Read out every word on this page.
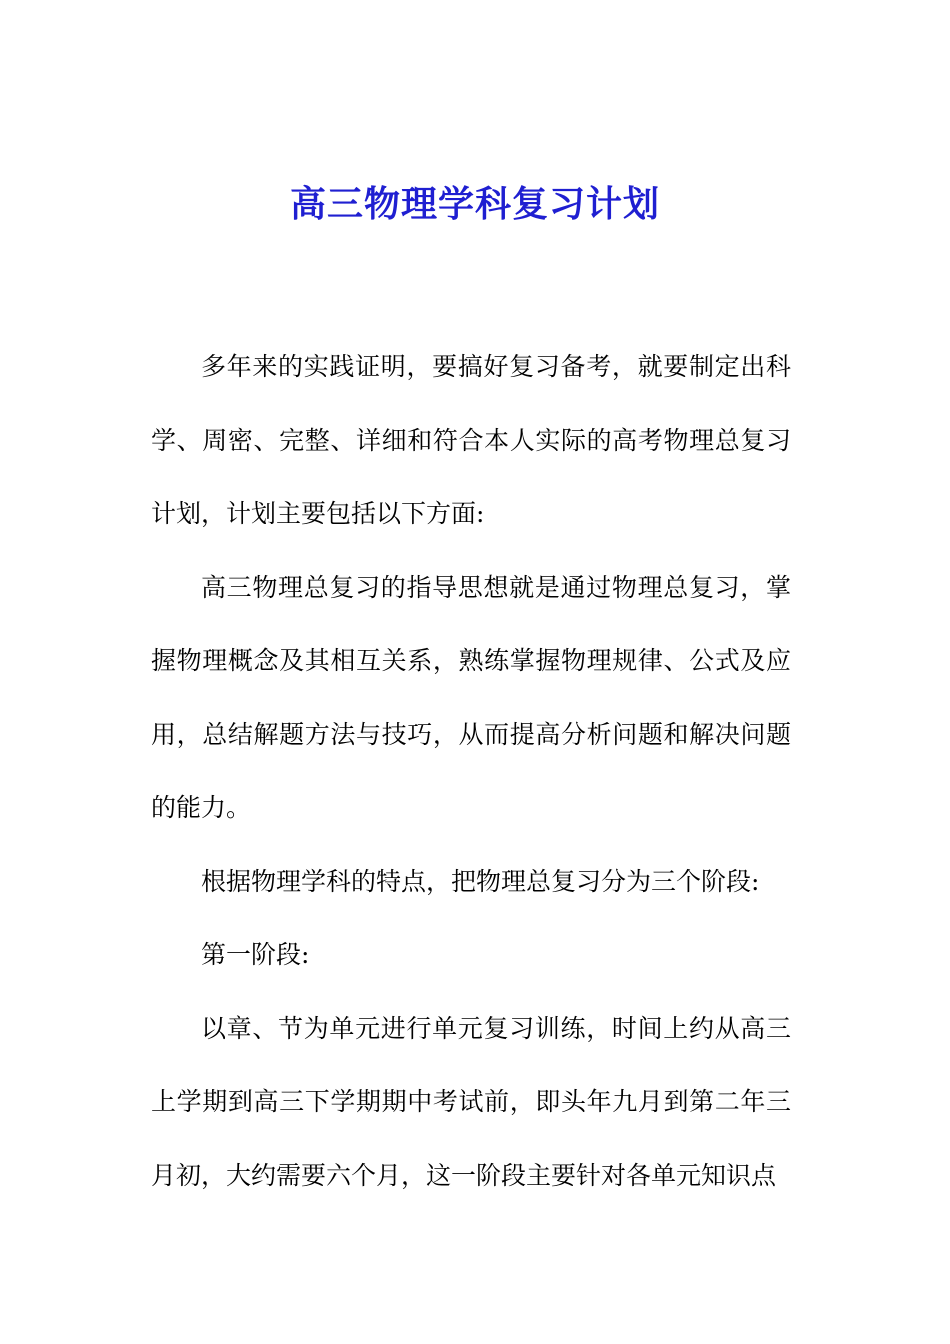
高三物理学科复习计划

多年来的实践证明，要搞好复习备考，就要制定出科学、周密、完整、详细和符合本人实际的高考物理总复习计划，计划主要包括以下方面:

高三物理总复习的指导思想就是通过物理总复习，掌握物理概念及其相互关系，熟练掌握物理规律、公式及应用，总结解题方法与技巧，从而提高分析问题和解决问题的能力。

根据物理学科的特点，把物理总复习分为三个阶段:

第一阶段:

以章、节为单元进行单元复习训练，时间上约从高三上学期到高三下学期期中考试前，即头年九月到第二年三月初，大约需要六个月，这一阶段主要针对各单元知识点
